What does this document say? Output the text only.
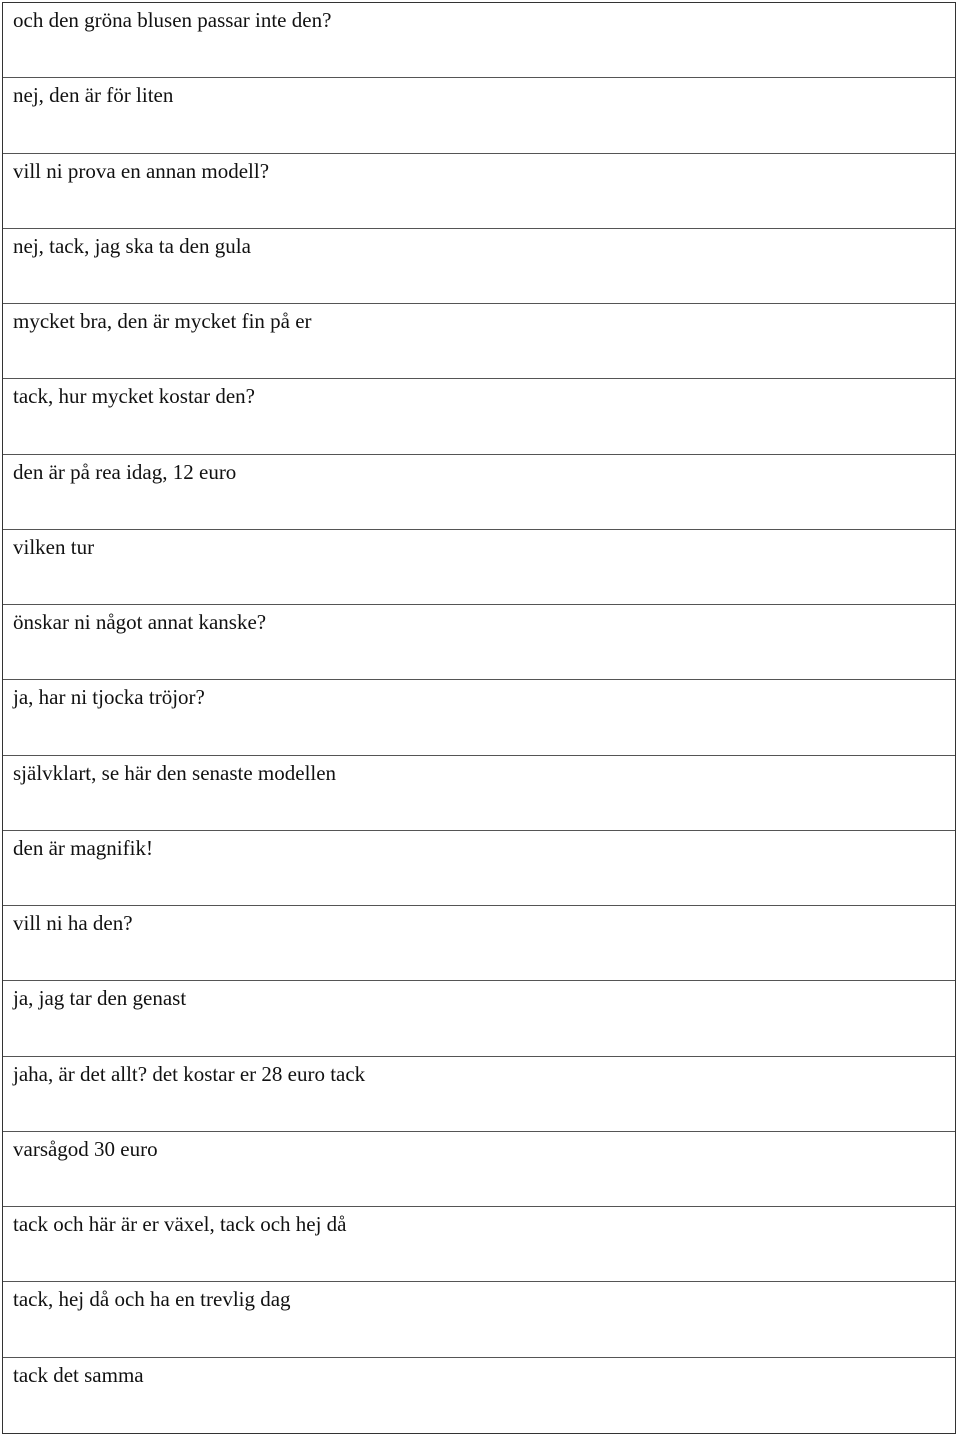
och den gröna blusen passar inte den?
nej, den är för liten
vill ni prova en annan modell?
nej, tack, jag ska ta den gula
mycket bra, den är mycket fin på er
tack, hur mycket kostar den?
den är på rea idag, 12 euro
vilken tur
önskar ni något annat kanske?
ja, har ni tjocka tröjor?
självklart, se här den senaste modellen
den är magnifik!
vill ni ha den?
ja, jag tar den genast
jaha, är det allt? det kostar er 28 euro tack
varsågod 30 euro
tack och här är er växel, tack och hej då
tack, hej då och ha en trevlig dag
tack det samma
